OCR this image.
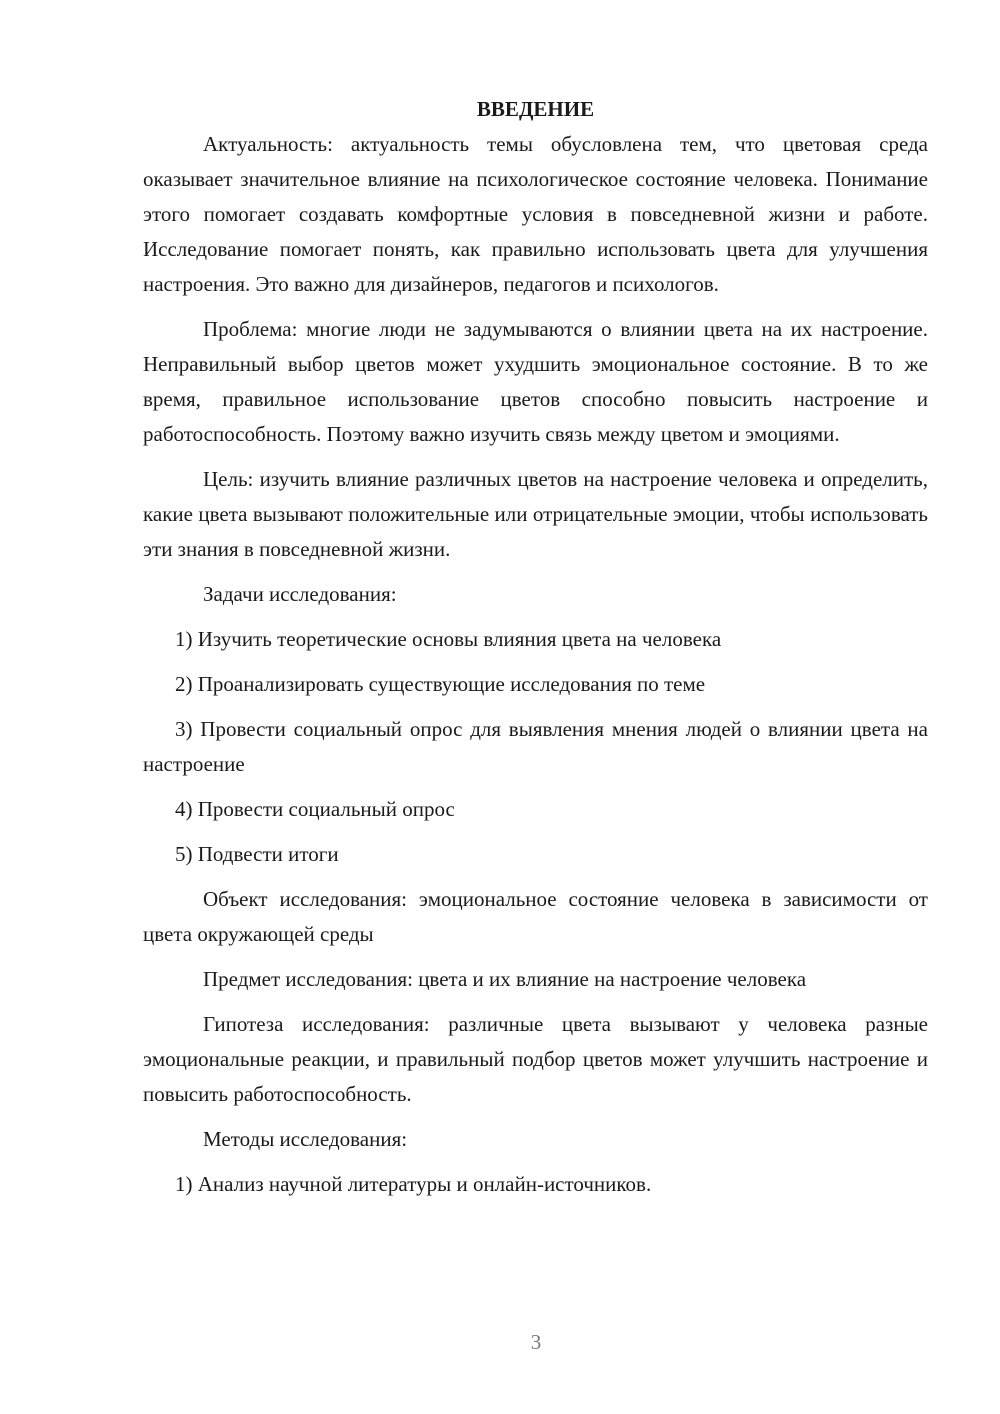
ВВЕДЕНИЕ

Актуальность: актуальность темы обусловлена тем, что цветовая среда оказывает значительное влияние на психологическое состояние человека. Понимание этого помогает создавать комфортные условия в повседневной жизни и работе. Исследование помогает понять, как правильно использовать цвета для улучшения настроения. Это важно для дизайнеров, педагогов и психологов.

Проблема: многие люди не задумываются о влиянии цвета на их настроение. Неправильный выбор цветов может ухудшить эмоциональное состояние. В то же время, правильное использование цветов способно повысить настроение и работоспособность. Поэтому важно изучить связь между цветом и эмоциями.

Цель: изучить влияние различных цветов на настроение человека и определить, какие цвета вызывают положительные или отрицательные эмоции, чтобы использовать эти знания в повседневной жизни.

Задачи исследования:

1) Изучить теоретические основы влияния цвета на человека

2) Проанализировать существующие исследования по теме

3) Провести социальный опрос для выявления мнения людей о влиянии цвета на настроение

4) Провести социальный опрос

5) Подвести итоги

Объект исследования: эмоциональное состояние человека в зависимости от цвета окружающей среды

Предмет исследования: цвета и их влияние на настроение человека

Гипотеза исследования: различные цвета вызывают у человека разные эмоциональные реакции, и правильный подбор цветов может улучшить настроение и повысить работоспособность.

Методы исследования:

1) Анализ научной литературы и онлайн-источников.

3
